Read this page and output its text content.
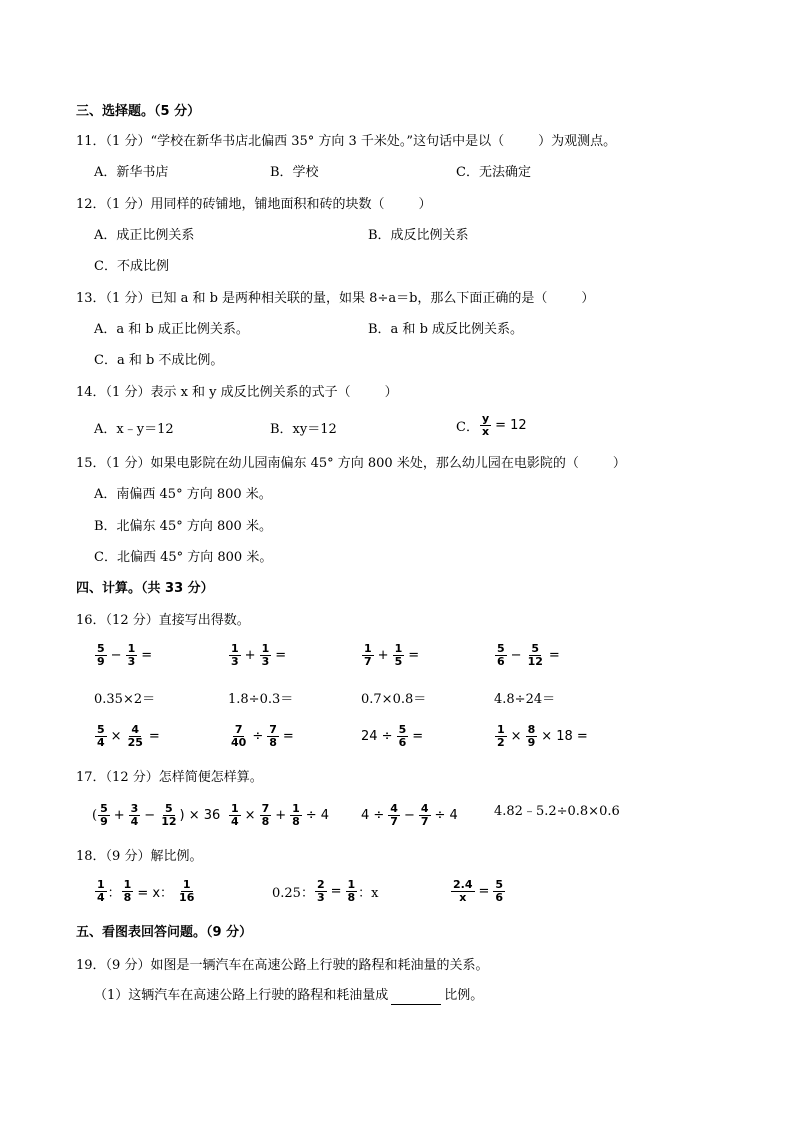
三、选择题。（5 分）
11．（1 分）“学校在新华书店北偏西 35° 方向 3 千米处。”这句话中是以（	）为观测点。
A．新华书店	B．学校	C．无法确定
12．（1 分）用同样的砖铺地，铺地面积和砖的块数（	）
A．成正比例关系	B．成反比例关系
C．不成比例
13．（1 分）已知 a 和 b 是两种相关联的量，如果 8÷a＝b，那么下面正确的是（	）
A．a 和 b 成正比例关系。	B．a 和 b 成反比例关系。
C．a 和 b 不成比例。
14．（1 分）表示 x 和 y 成反比例关系的式子（	）
A．x﹣y＝12	B．xy＝12	C． $\frac{y}{x} = 12$
15．（1 分）如果电影院在幼儿园南偏东 45° 方向 800 米处，那么幼儿园在电影院的（	）
A．南偏西 45° 方向 800 米。
B．北偏东 45° 方向 800 米。
C．北偏西 45° 方向 800 米。
四、计算。（共 33 分）
16．（12 分）直接写出得数。
$\frac{5}{9} - \frac{1}{3}$ =	$\frac{1}{3} + \frac{1}{3}$ =	$\frac{1}{7} + \frac{1}{5}$ =	$\frac{5}{6} - \frac{5}{12}$ =
0.35×2＝	1.8÷0.3＝	0.7×0.8＝	4.8÷24＝
$\frac{5}{4} \times \frac{4}{25}$ =	$\frac{7}{40} \div \frac{7}{8}$ =	$24 \div \frac{5}{6}$ =	$\frac{1}{2} \times \frac{8}{9} \times 18$ =
17．（12 分）怎样简便怎样算。
( $\frac{5}{9} + \frac{3}{4} - \frac{5}{12}$ ) × $36 \frac{1}{4} \times \frac{7}{8} + \frac{1}{8} \div 4$ $4 \div \frac{4}{7} - \frac{4}{7} \div 4$	4.82﹣5.2÷0.8×0.6
18．（9 分）解比例。
$\frac{1}{4}$ ： $\frac{1}{8} = x$： $\frac{1}{16}$	0.25： $\frac{2}{3} = \frac{1}{8}$ ：x	$\frac{2.4}{x} = \frac{5}{6}$
五、看图表回答问题。（9 分）
19．（9 分）如图是一辆汽车在高速公路上行驶的路程和耗油量的关系。
（1）这辆汽车在高速公路上行驶的路程和耗油量成	比例。
